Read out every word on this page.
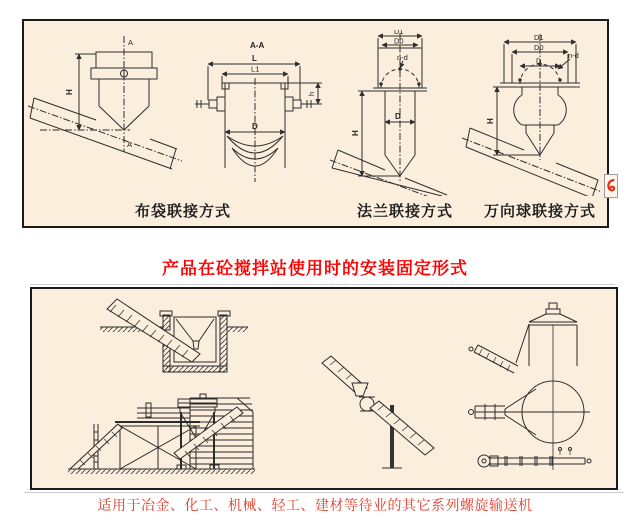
A
A
H
A-A
L
L1
D
h
D1
D0
n-d
D
H
D1
D0
D
n-d
H
布袋联接方式	法兰联接方式	万向球联接方式
产品在砼搅拌站使用时的安装固定形式
适用于冶金、化工、机械、轻工、建材等待业的其它系列螺旋输送机
